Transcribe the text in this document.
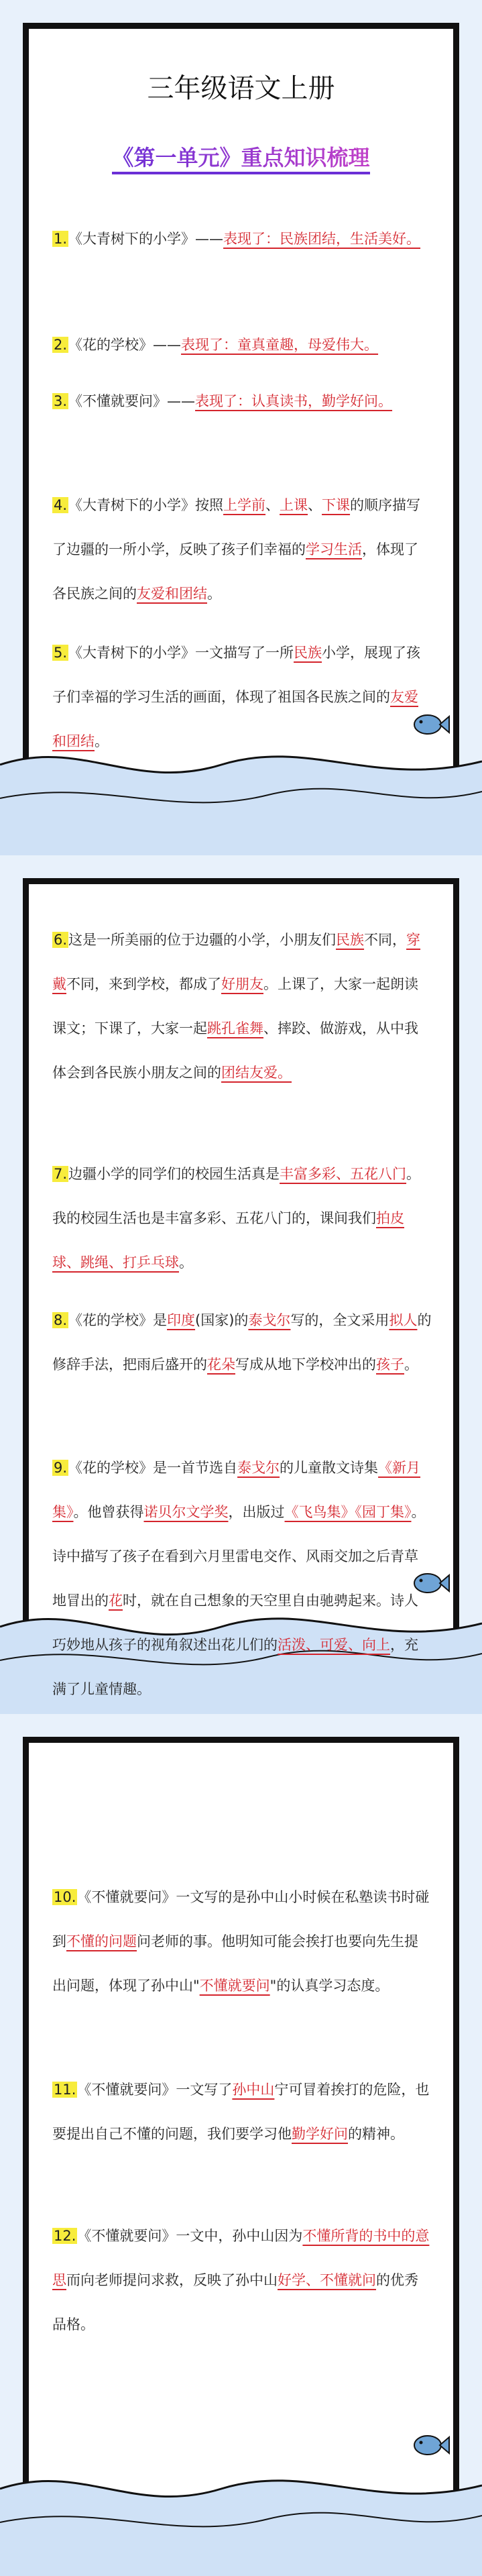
三年级语文上册
《第一单元》重点知识梳理
1.《大青树下的小学》——表现了：民族团结，生活美好。
2.《花的学校》——表现了：童真童趣，母爱伟大。
3.《不懂就要问》——表现了：认真读书，勤学好问。
4.《大青树下的小学》按照上学前、上课、下课的顺序描写了边疆的一所小学，反映了孩子们幸福的学习生活，体现了各民族之间的友爱和团结。
5.《大青树下的小学》一文描写了一所民族小学，展现了孩子们幸福的学习生活的画面，体现了祖国各民族之间的友爱和团结。
6.这是一所美丽的位于边疆的小学，小朋友们民族不同，穿戴不同，来到学校，都成了好朋友。上课了，大家一起朗读课文；下课了，大家一起跳孔雀舞、摔跤、做游戏，从中我体会到各民族小朋友之间的团结友爱。
7.边疆小学的同学们的校园生活真是丰富多彩、五花八门。我的校园生活也是丰富多彩、五花八门的，课间我们拍皮球、跳绳、打乒乓球。
8.《花的学校》是印度(国家)的泰戈尔写的，全文采用拟人的修辞手法，把雨后盛开的花朵写成从地下学校冲出的孩子。
9.《花的学校》是一首节选自泰戈尔的儿童散文诗集《新月集》。他曾获得诺贝尔文学奖，出版过《飞鸟集》《园丁集》。诗中描写了孩子在看到六月里雷电交作、风雨交加之后青草地冒出的花时，就在自己想象的天空里自由驰骋起来。诗人巧妙地从孩子的视角叙述出花儿们的活泼、可爱、向上，充满了儿童情趣。
10.《不懂就要问》一文写的是孙中山小时候在私塾读书时碰到不懂的问题问老师的事。他明知可能会挨打也要向先生提出问题，体现了孙中山"不懂就要问"的认真学习态度。
11.《不懂就要问》一文写了孙中山宁可冒着挨打的危险，也要提出自己不懂的问题，我们要学习他勤学好问的精神。
12.《不懂就要问》一文中，孙中山因为不懂所背的书中的意思而向老师提问求救，反映了孙中山好学、不懂就问的优秀品格。
